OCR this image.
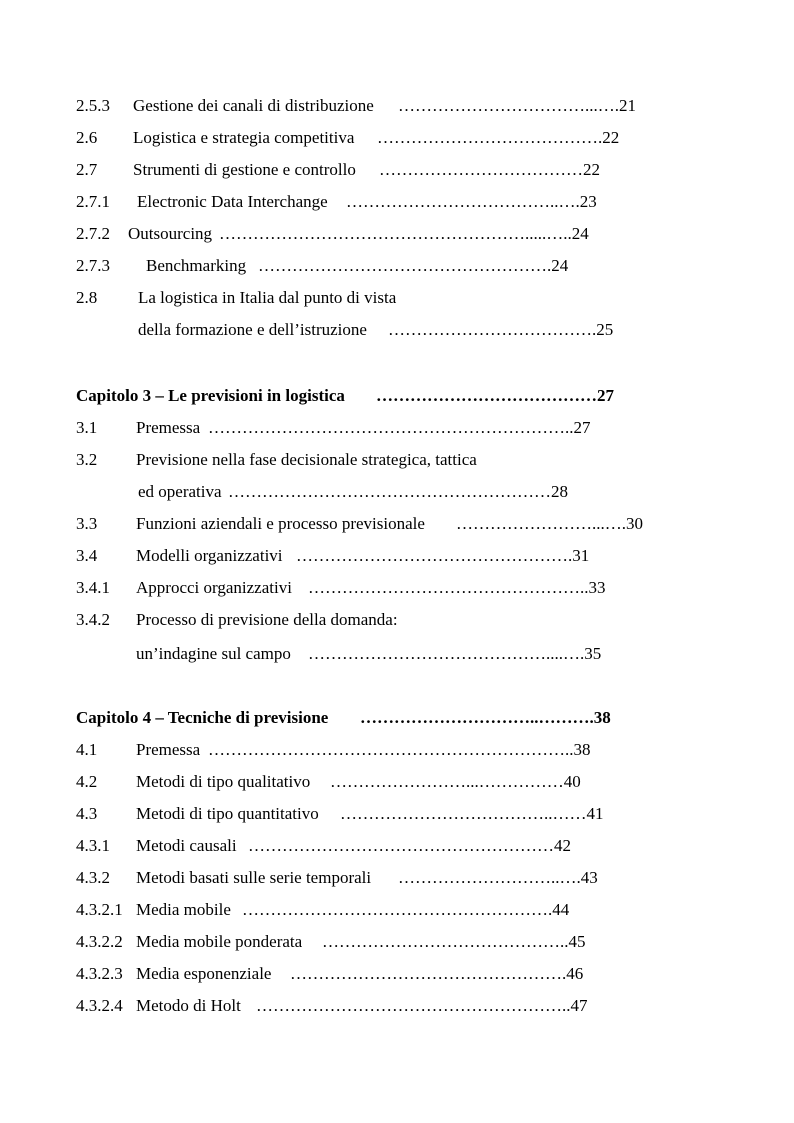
2.5.3 Gestione dei canali di distribuzione ……………………………...….21
2.6 Logistica e strategia competitiva ………………………………….22
2.7 Strumenti di gestione e controllo ………………………………22
2.7.1 Electronic Data Interchange ………………………………..….23
2.7.2 Outsourcing ……………………………………………….....…..24
2.7.3 Benchmarking …………………………………………….24
2.8 La logistica in Italia dal punto di vista
della formazione e dell’istruzione ……………………………….25
Capitolo 3 – Le previsioni in logistica …………………………………27
3.1 Premessa ………………………………………………………..27
3.2 Previsione nella fase decisionale strategica, tattica
ed operativa …………………………………………………28
3.3 Funzioni aziendali e processo previsionale ……………………...….30
3.4 Modelli organizzativi ………………………………………….31
3.4.1 Approcci organizzativi …………………………………………..33
3.4.2 Processo di previsione della domanda:
un’indagine sul campo ……………………………………....….35
Capitolo 4 – Tecniche di previsione …………………………..……….38
4.1 Premessa ………………………………………………………..38
4.2 Metodi di tipo qualitativo ……………………...……………40
4.3 Metodi di tipo quantitativo ………………………………..……41
4.3.1 Metodi causali ………………………………………………42
4.3.2 Metodi basati sulle serie temporali ………………………..….43
4.3.2.1 Media mobile ……………………………………………….44
4.3.2.2 Media mobile ponderata ……………………………………..45
4.3.2.3 Media esponenziale ………………………………………….46
4.3.2.4 Metodo di Holt ………………………………………………..47
